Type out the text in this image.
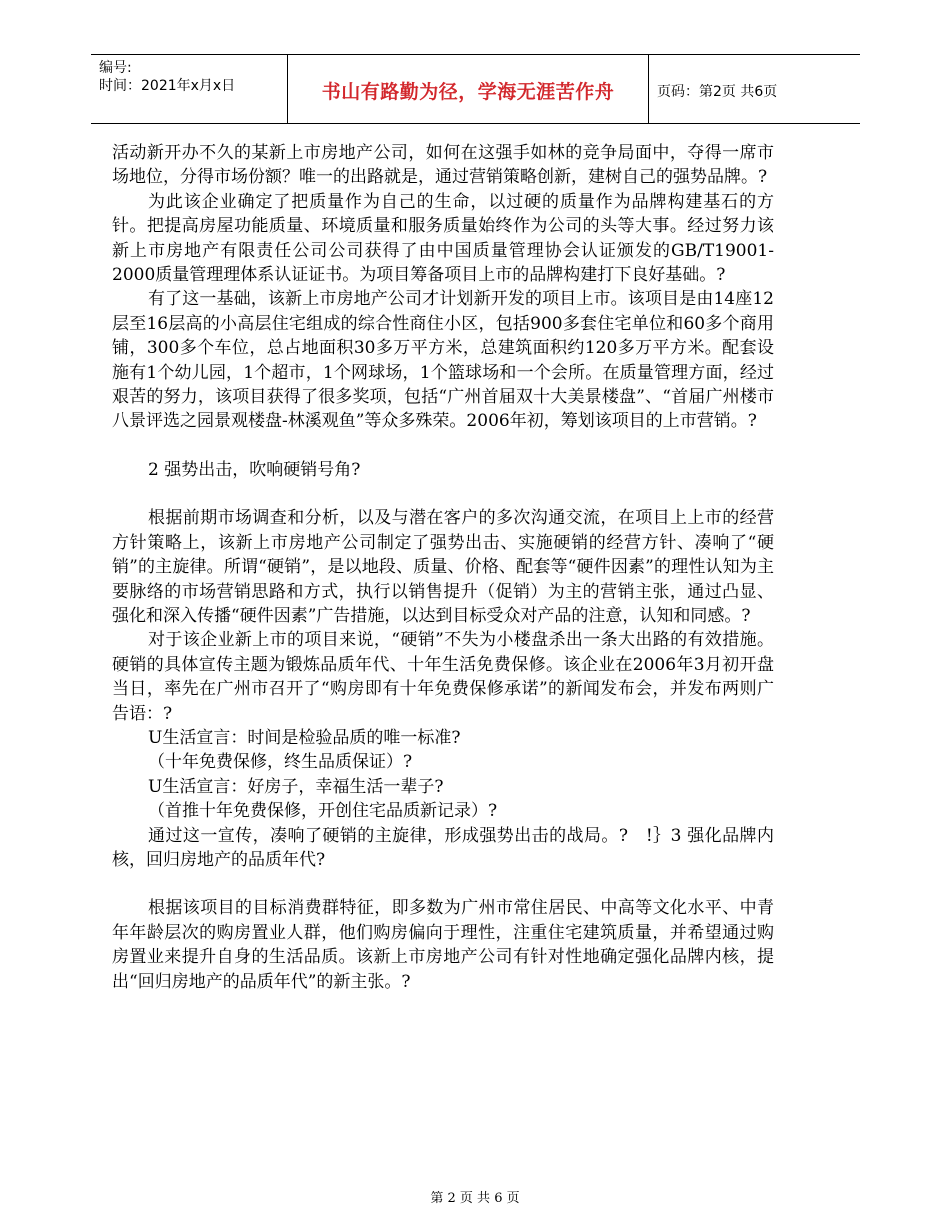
编号:
时间：2021年x月x日	书山有路勤为径，学海无涯苦作舟	页码：第2页 共6页

活动新开办不久的某新上市房地产公司，如何在这强手如林的竞争局面中，夺得一席市场地位，分得市场份额？唯一的出路就是，通过营销策略创新，建树自己的强势品牌。?

为此该企业确定了把质量作为自己的生命，以过硬的质量作为品牌构建基石的方针。把提高房屋功能质量、环境质量和服务质量始终作为公司的头等大事。经过努力该新上市房地产有限责任公司公司获得了由中国质量管理协会认证颁发的GB/T19001-2000质量管理理体系认证证书。为项目筹备项目上市的品牌构建打下良好基础。?

有了这一基础，该新上市房地产公司才计划新开发的项目上市。该项目是由14座12层至16层高的小高层住宅组成的综合性商住小区，包括900多套住宅单位和60多个商用铺，300多个车位，总占地面积30多万平方米，总建筑面积约120多万平方米。配套设施有1个幼儿园，1个超市，1个网球场，1个篮球场和一个会所。在质量管理方面，经过艰苦的努力，该项目获得了很多奖项，包括“广州首届双十大美景楼盘”、“首届广州楼市八景评选之园景观楼盘-林溪观鱼”等众多殊荣。2006年初，筹划该项目的上市营销。?

2 强势出击，吹响硬销号角?

根据前期市场调查和分析，以及与潜在客户的多次沟通交流，在项目上上市的经营方针策略上，该新上市房地产公司制定了强势出击、实施硬销的经营方针、凑响了“硬销”的主旋律。所谓“硬销”，是以地段、质量、价格、配套等“硬件因素”的理性认知为主要脉络的市场营销思路和方式，执行以销售提升（促销）为主的营销主张，通过凸显、强化和深入传播“硬件因素”广告措施，以达到目标受众对产品的注意，认知和同感。?

对于该企业新上市的项目来说，“硬销”不失为小楼盘杀出一条大出路的有效措施。硬销的具体宣传主题为锻炼品质年代、十年生活免费保修。该企业在2006年3月初开盘当日，率先在广州市召开了“购房即有十年免费保修承诺”的新闻发布会，并发布两则广告语：?

U生活宣言：时间是检验品质的唯一标准?

（十年免费保修，终生品质保证）?

U生活宣言：好房子，幸福生活一辈子?

（首推十年免费保修，开创住宅品质新记录）?

通过这一宣传，凑响了硬销的主旋律，形成强势出击的战局。?　!｝3 强化品牌内核，回归房地产的品质年代?

根据该项目的目标消费群特征，即多数为广州市常住居民、中高等文化水平、中青年年龄层次的购房置业人群，他们购房偏向于理性，注重住宅建筑质量，并希望通过购房置业来提升自身的生活品质。该新上市房地产公司有针对性地确定强化品牌内核，提出“回归房地产的品质年代”的新主张。?

第 2 页 共 6 页
